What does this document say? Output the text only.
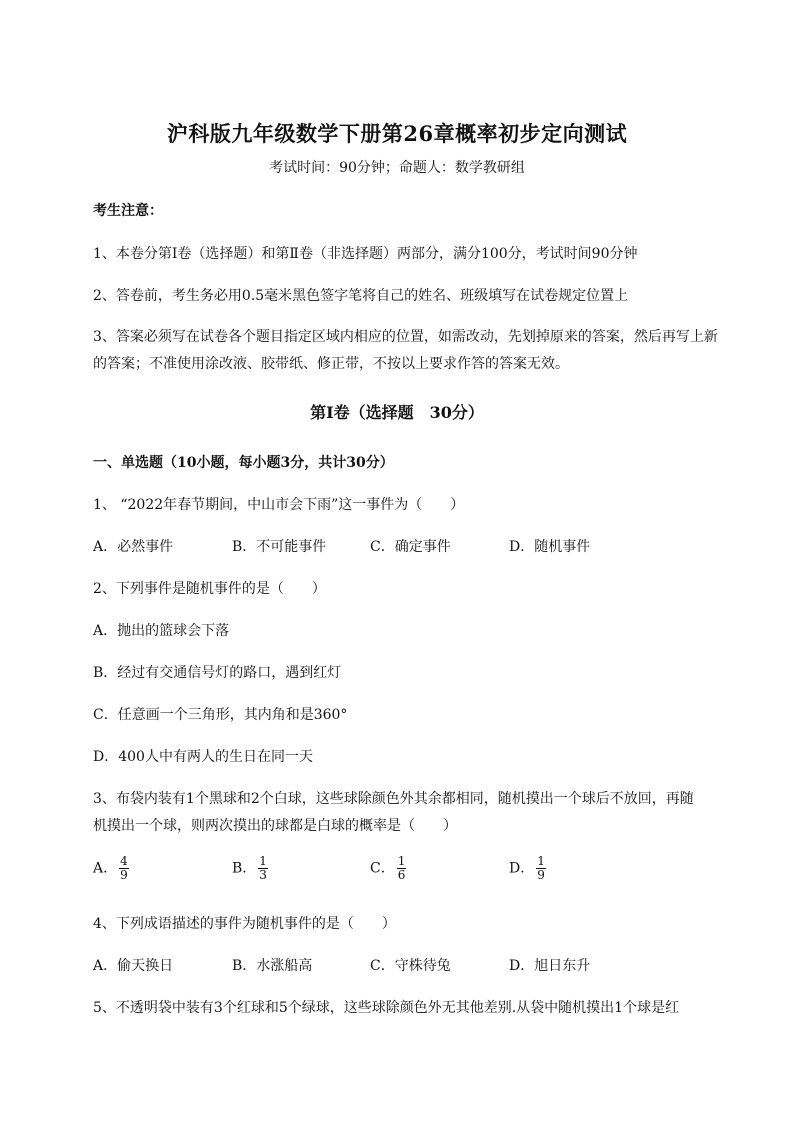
沪科版九年级数学下册第26章概率初步定向测试
考试时间：90分钟；命题人：数学教研组
考生注意：
1、本卷分第I卷（选择题）和第Ⅱ卷（非选择题）两部分，满分100分，考试时间90分钟
2、答卷前，考生务必用0.5毫米黑色签字笔将自己的姓名、班级填写在试卷规定位置上
3、答案必须写在试卷各个题目指定区域内相应的位置，如需改动，先划掉原来的答案，然后再写上新
的答案；不准使用涂改液、胶带纸、修正带，不按以上要求作答的答案无效。
第I卷（选择题　30分）
一、单选题（10小题，每小题3分，共计30分）
1、 “2022年春节期间，中山市会下雨”这一事件为（　　）
A．必然事件	B．不可能事件	C．确定事件	D．随机事件
2、下列事件是随机事件的是（　　）
A．抛出的篮球会下落
B．经过有交通信号灯的路口，遇到红灯
C．任意画一个三角形，其内角和是360°
D．400人中有两人的生日在同一天
3、布袋内装有1个黑球和2个白球，这些球除颜色外其余都相同，随机摸出一个球后不放回，再随
机摸出一个球，则两次摸出的球都是白球的概率是（　　）
A． $\frac{4}{9}$	B． $\frac{1}{3}$	C． $\frac{1}{6}$	D． $\frac{1}{9}$
4、下列成语描述的事件为随机事件的是（　　）
A．偷天换日	B．水涨船高	C．守株待兔	D．旭日东升
5、不透明袋中装有3个红球和5个绿球，这些球除颜色外无其他差别.从袋中随机摸出1个球是红
